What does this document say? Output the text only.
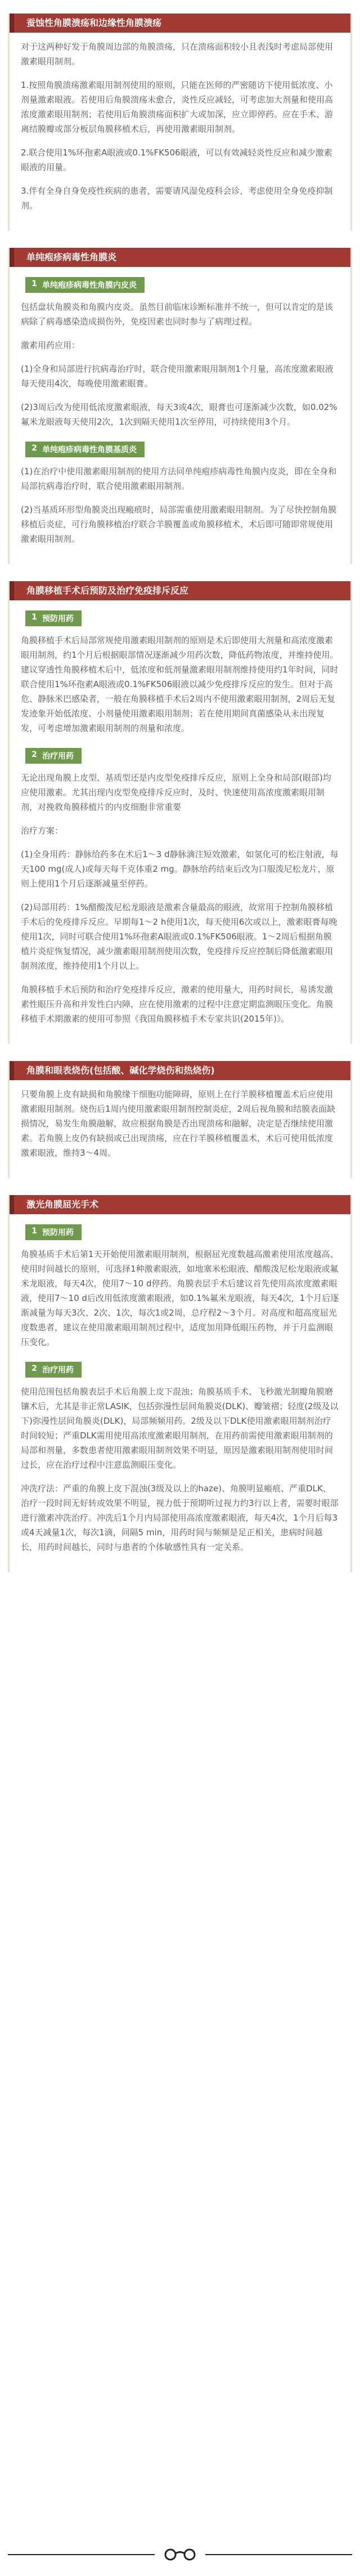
蚕蚀性角膜溃疡和边缘性角膜溃疡

对于这两种好发于角膜周边部的角膜溃疡，只在溃疡面积较小且表浅时考虑局部使用激素眼用制剂。

1.按照角膜溃疡激素眼用制剂使用的原则，只能在医师的严密随访下使用低浓度、小剂量激素眼液。若使用后角膜溃疡未愈合，炎性反应减轻，可考虑加大剂量和使用高浓度激素眼用制剂；若使用后角膜溃疡面积扩大或加深，应立即停药。应在手术、游离结膜瓣或部分板层角膜移植术后，再使用激素眼用制剂。

2.联合使用1%环孢素A眼液或0.1%FK506眼液，可以有效减轻炎性反应和减少激素眼液的用量。

3.伴有全身自身免疫性疾病的患者，需要请风湿免疫科会诊，考虑使用全身免疫抑制剂。

单纯疱疹病毒性角膜炎
1 单纯疱疹病毒性角膜内皮炎

包括盘状角膜炎和角膜内皮炎。虽然目前临床诊断标准并不统一，但可以肯定的是该病除了病毒感染造成损伤外，免疫因素也同时参与了病理过程。

激素用药应用：

(1)全身和局部进行抗病毒治疗时，联合使用激素眼用制剂1个月量，高浓度激素眼液每天使用4次，每晚使用激素眼膏。

(2)3周后改为使用低浓度激素眼液，每天3或4次，眼膏也可逐渐减少次数，如0.02%氟米龙眼液每天使用2次，1次到隔天使用1次至停用，可持续使用3个月。

2 单纯疱疹病毒性角膜基质炎

(1)在治疗中使用激素眼用制剂的使用方法同单纯疱疹病毒性角膜内皮炎，即在全身和局部抗病毒治疗时，联合使用激素眼用制剂。

(2)当基质环形型角膜炎出现瘢痕时，局部需重使用激素眼用制剂。为了尽快控制角膜移植后炎症，可行角膜移植治疗联合羊膜覆盖或角膜移植术，术后即可随即常规使用激素眼用制剂。

角膜移植手术后预防及治疗免疫排斥反应
1 预防用药

角膜移植手术后局部常规使用激素眼用制剂的原则是术后即使用大剂量和高浓度激素眼用制剂，约1个月后根据眼部情况逐渐减少用药次数，降低药物浓度，并维持使用。建议穿透性角膜移植术后中，低浓度和低剂量激素眼用制剂维持使用约1年时间，同时联合使用1%环孢素A眼液或0.1%FK506眼液以减少免疫排斥反应的发生。但对于高危、静脉米巴感染者，一般在角膜移植手术后2周内不使用激素眼用制剂，2周后无复发迹象开始低浓度、小剂量使用激素眼用制剂；若在使用期间真菌感染从未出现复发，可考虑增加激素眼用制剂的剂量和浓度。

2 治疗用药

无论出现角膜上皮型、基质型还是内皮型免疫排斥反应，原则上全身和局部(眼部)均应使用激素。尤其出现内皮型免疫排斥反应时，及时、快速使用高浓度激素眼用制剂，对挽救角膜移植片的内皮细胞非常重要

治疗方案：

(1)全身用药：静脉给药多在术后1～3 d静脉滴注短效激素，如氢化可的松注射液，每天100 mg(成人)或每天每千克体重2 mg。静脉给药结束后改为口服泼尼松龙片，原则上使用1个月后逐渐减量至停药。

(2)局部用药：1%醋酸泼尼松龙眼液是激素含量最高的眼液，故常用于控制角膜移植手术后的免疫排斥反应。早期每1～2 h使用1次，每天使用6次或以上，激素眼膏每晚使用1次，同时可联合使用1%环孢素A眼液或0.1%FK506眼液。1～2周后根据角膜植片炎症恢复情况，减少激素眼用制剂使用次数，免疫排斥反应控制后降低激素眼用制剂浓度，维持使用1个月以上。

角膜移植手术后预防和治疗免疫排斥反应，激素的使用量大，用药时间长，易诱发激素性眼压升高和并发性白内障，应在使用激素的过程中注意定期监测眼压变化。角膜移植手术期激素的使用可参照《我国角膜移植手术专家共识(2015年)》。

角膜和眼表烧伤(包括酸、碱化学烧伤和热烧伤)

只要角膜上皮有缺损和角膜缘干细胞功能障碍，原则上在行羊膜移植覆盖术后应使用激素眼用制剂。烧伤后1周内使用激素眼用制剂控制炎症，2周后视角膜和结膜表面缺损情况，易发生角膜融解，故应根据角膜是否出现溃疡和融解，决定是否继续使用激素。若角膜上皮仍有缺损或已出现溃疡，应在行羊膜移植覆盖术，术后可使用低浓度激素眼液，维持3～4周。

激光角膜屈光手术
1 预防用药

角膜基质手术后第1天开始使用激素眼用制剂，根据屈光度数越高激素使用浓度越高、使用时间越长的原则，可选择1种激素眼液，如地塞米松眼液、醋酸泼尼松龙眼液或氟米龙眼液，每天4次，使用7～10 d停药。角膜表层手术后建议首先使用高浓度激素眼液，使用7～10 d后改用低浓度激素眼液，如0.1%氟米龙眼液，每天4次，1个月后逐渐减量为每天3次、2次、1次，每次1或2周，总疗程2～3个月。对高度和超高度屈光度数患者，建议在使用激素眼用制剂过程中，适度加用降低眼压药物，并于月监测眼压变化。

2 治疗用药

使用范围包括角膜表层手术后角膜上皮下混浊；角膜基质手术、飞秒激光制瓣角膜磨镶术后，尤其是非正常LASIK，包括弥漫性层间角膜炎(DLK)、瓣皱褶；轻度(2级及以下)弥漫性层间角膜炎(DLK)，局部频频用药。2级及以下DLK使用激素眼用制剂治疗时间较短；严重DLK需用使用高浓度激素眼用制剂，在用药前需使用激素眼用制剂的局部和剂量，多数患者使用激素眼用制剂效果不明显，原因是激素眼用制剂使用时间过长，应在治疗过程中注意监测眼压变化。

冲洗疗法：严重的角膜上皮下混浊(3级及以上的haze)、角膜明显瘢痕、严重DLK、治疗一段时间无好转或效果不明显，视力低于预期听过视力约3行以上者，需要时眼部进行激素冲洗治疗。冲洗后1个月内局部使用高浓度激素眼液，每天4次，1个月后每3或4天减量1次，每次1滴，间隔5 min，用药时间与频频是足正相关，患病时间越长，用药时间越长，同时与患者的个体敏感性具有一定关系。
